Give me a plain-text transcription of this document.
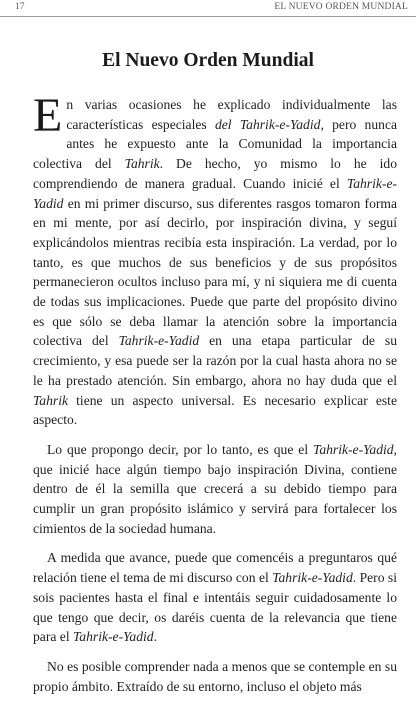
17	EL NUEVO ORDEN MUNDIAL
El Nuevo Orden Mundial

En varias ocasiones he explicado individualmente las características especiales del Tahrik-e-Yadid, pero nunca antes he expuesto ante la Comunidad la importancia colectiva del Tahrik. De hecho, yo mismo lo he ido comprendiendo de manera gradual. Cuando inicié el Tahrik-e-Yadid en mi primer discurso, sus diferentes rasgos tomaron forma en mi mente, por así decirlo, por inspiración divina, y seguí explicándolos mientras recibía esta inspiración. La verdad, por lo tanto, es que muchos de sus beneficios y de sus propósitos permanecieron ocultos incluso para mí, y ni siquiera me di cuenta de todas sus implicaciones. Puede que parte del propósito divino es que sólo se deba llamar la atención sobre la importancia colectiva del Tahrik-e-Yadid en una etapa particular de su crecimiento, y esa puede ser la razón por la cual hasta ahora no se le ha prestado atención. Sin embargo, ahora no hay duda que el Tahrik tiene un aspecto universal. Es necesario explicar este aspecto.

Lo que propongo decir, por lo tanto, es que el Tahrik-e-Yadid, que inicié hace algún tiempo bajo inspiración Divina, contiene dentro de él la semilla que crecerá a su debido tiempo para cumplir un gran propósito islámico y servirá para fortalecer los cimientos de la sociedad humana.

A medida que avance, puede que comencéis a preguntaros qué relación tiene el tema de mi discurso con el Tahrik-e-Yadid. Pero si sois pacientes hasta el final e intentáis seguir cuidadosamente lo que tengo que decir, os daréis cuenta de la relevancia que tiene para el Tahrik-e-Yadid.

No es posible comprender nada a menos que se contemple en su propio ámbito. Extraído de su entorno, incluso el objeto más
